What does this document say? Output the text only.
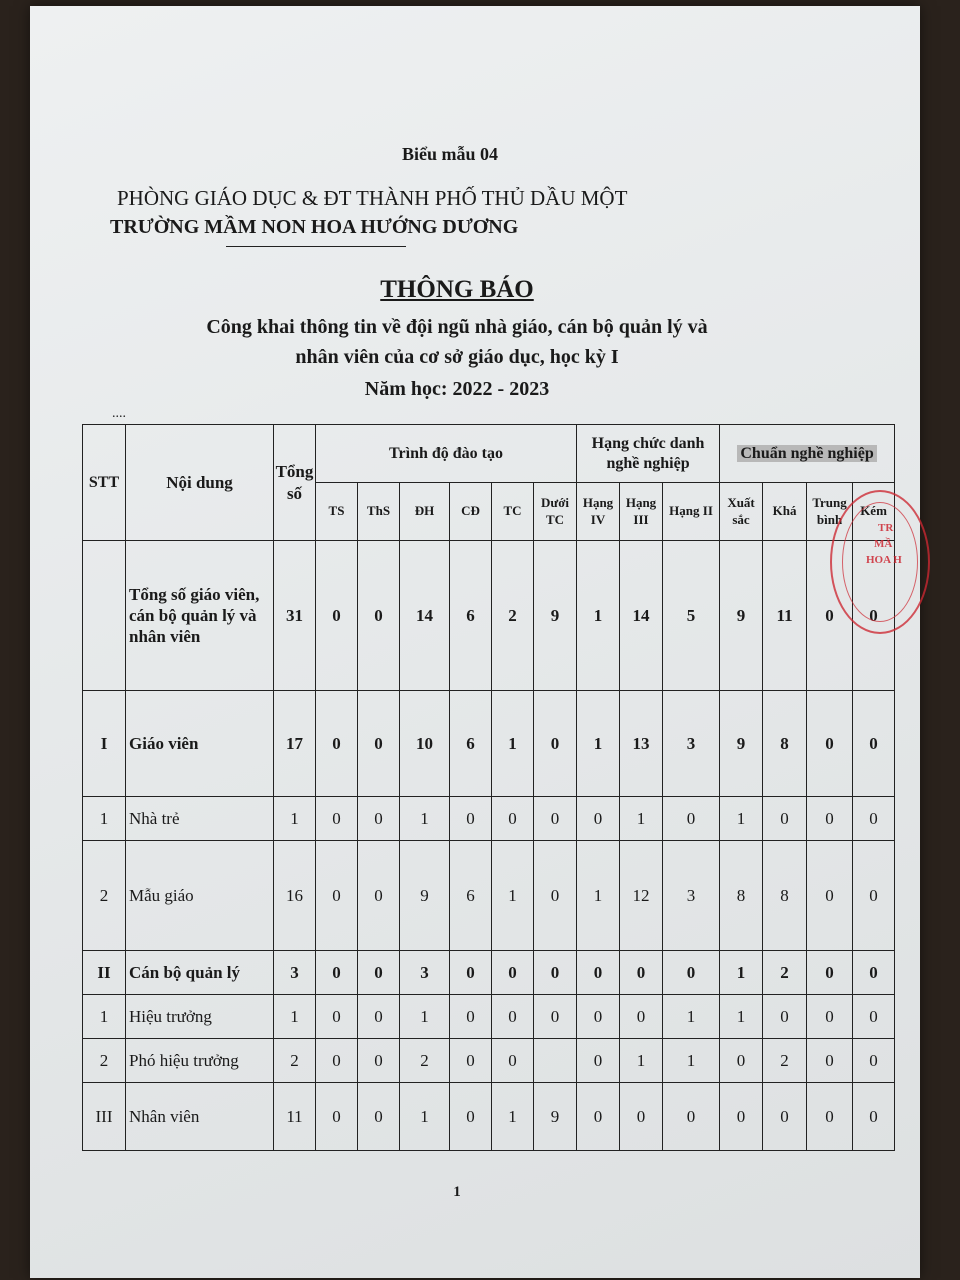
Biểu mẫu 04
PHÒNG GIÁO DỤC & ĐT THÀNH PHỐ THỦ DẦU MỘT
TRƯỜNG MẦM NON HOA HƯỚNG DƯƠNG
THÔNG BÁO
Công khai thông tin về đội ngũ nhà giáo, cán bộ quản lý và
nhân viên của cơ sở giáo dục, học kỳ I
Năm học: 2022 - 2023
....
STT	Nội dung	Tổng số	Trình độ đào tạo						Hạng chức danh nghề nghiệp			Chuẩn nghề nghiệp			
			TS	ThS	ĐH	CĐ	TC	Dưới TC	Hạng IV	Hạng III	Hạng II	Xuất sắc	Khá	Trung bình	Kém
	Tổng số giáo viên, cán bộ quản lý và nhân viên	31	0	0	14	6	2	9	1	14	5	9	11	0	0
I	Giáo viên	17	0	0	10	6	1	0	1	13	3	9	8	0	0
1	Nhà trẻ	1	0	0	1	0	0	0	0	1	0	1	0	0	0
2	Mẫu giáo	16	0	0	9	6	1	0	1	12	3	8	8	0	0
II	Cán bộ quản lý	3	0	0	3	0	0	0	0	0	0	1	2	0	0
1	Hiệu trưởng	1	0	0	1	0	0	0	0	0	1	1	0	0	0
2	Phó hiệu trưởng	2	0	0	2	0	0		0	1	1	0	2	0	0
III	Nhân viên	11	0	0	1	0	1	9	0	0	0	0	0	0	0
1
TR
MẦ
HOA H
